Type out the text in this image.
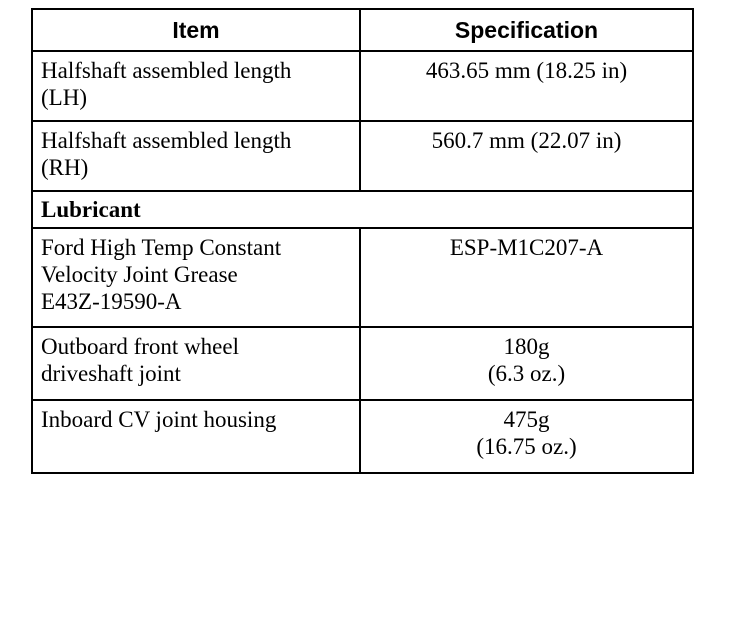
Item	Specification

Halfshaft assembled length
(LH)	463.65 mm (18.25 in)

Halfshaft assembled length
(RH)	560.7 mm (22.07 in)

Lubricant	

Ford High Temp Constant
Velocity Joint Grease
E43Z-19590-A	ESP-M1C207-A

Outboard front wheel
driveshaft joint	180g
(6.3 oz.)

Inboard CV joint housing	475g
(16.75 oz.)
